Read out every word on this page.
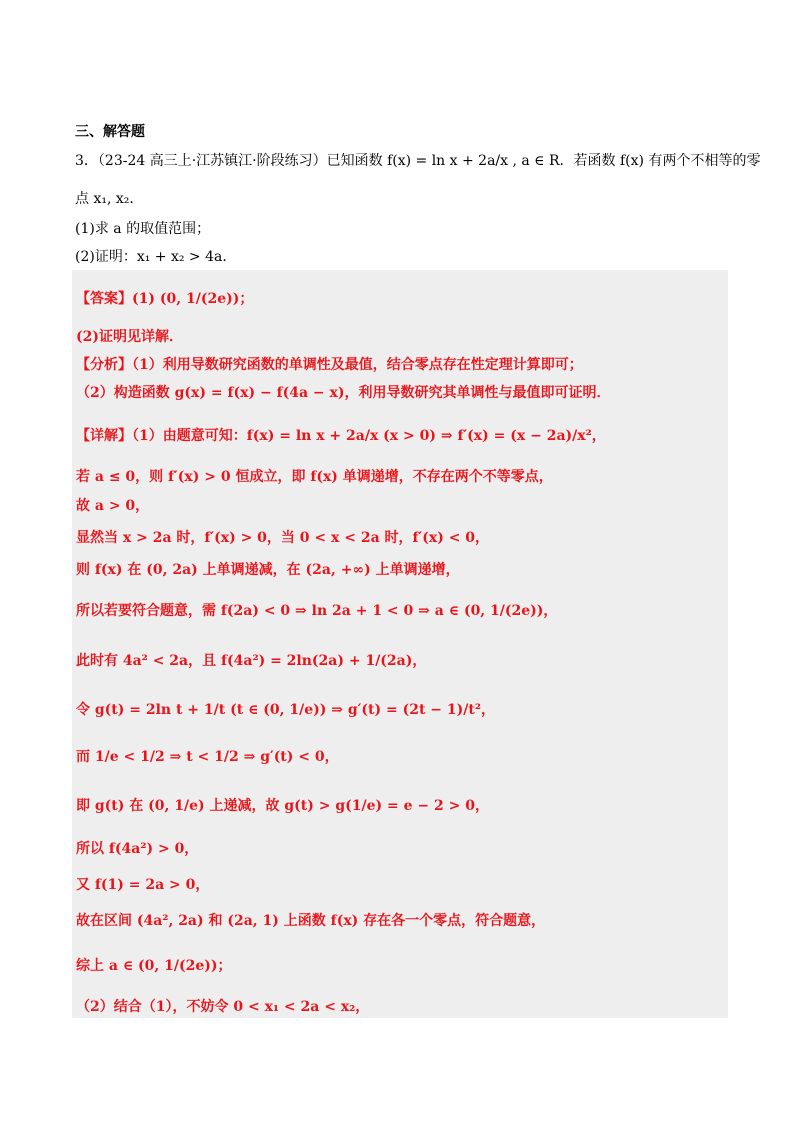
三、解答题
3．（23-24 高三上·江苏镇江·阶段练习）已知函数 f(x) = ln x + 2a/x , a ∈ R．若函数 f(x) 有两个不相等的零
点 x₁, x₂．
(1)求 a 的取值范围；
(2)证明：x₁ + x₂ > 4a．
【答案】(1) (0, 1/(2e))；
(2)证明见详解．
【分析】（1）利用导数研究函数的单调性及最值，结合零点存在性定理计算即可；
（2）构造函数 g(x) = f(x) − f(4a − x)，利用导数研究其单调性与最值即可证明．
【详解】（1）由题意可知：f(x) = ln x + 2a/x (x > 0) ⇒ f′(x) = (x − 2a)/x²，
若 a ≤ 0，则 f′(x) > 0 恒成立，即 f(x) 单调递增，不存在两个不等零点，
故 a > 0，
显然当 x > 2a 时，f′(x) > 0，当 0 < x < 2a 时，f′(x) < 0，
则 f(x) 在 (0, 2a) 上单调递减，在 (2a, +∞) 上单调递增，
所以若要符合题意，需 f(2a) < 0 ⇒ ln 2a + 1 < 0 ⇒ a ∈ (0, 1/(2e))，
此时有 4a² < 2a，且 f(4a²) = 2ln(2a) + 1/(2a)，
令 g(t) = 2ln t + 1/t (t ∈ (0, 1/e)) ⇒ g′(t) = (2t − 1)/t²，
而 1/e < 1/2 ⇒ t < 1/2 ⇒ g′(t) < 0，
即 g(t) 在 (0, 1/e) 上递减，故 g(t) > g(1/e) = e − 2 > 0，
所以 f(4a²) > 0，
又 f(1) = 2a > 0，
故在区间 (4a², 2a) 和 (2a, 1) 上函数 f(x) 存在各一个零点，符合题意，
综上 a ∈ (0, 1/(2e))；
（2）结合（1），不妨令 0 < x₁ < 2a < x₂，
